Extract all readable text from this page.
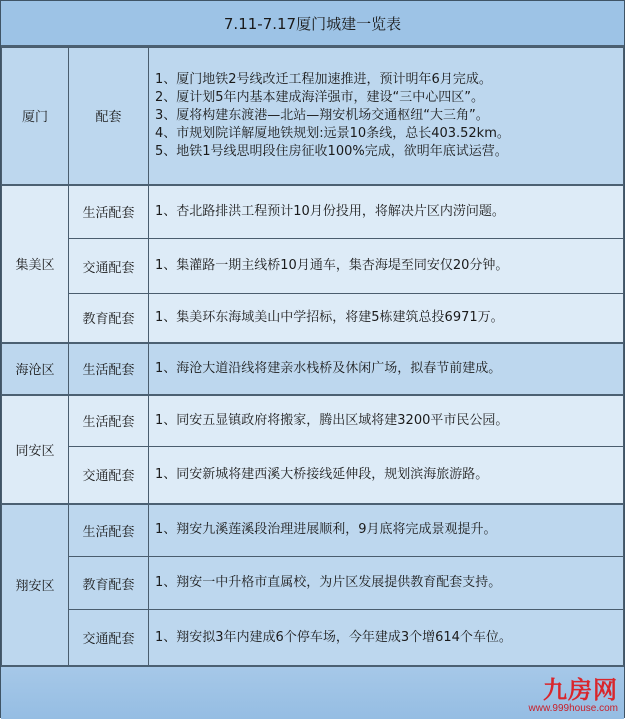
7.11-7.17厦门城建一览表
厦门	配套	1、厦门地铁2号线改迁工程加速推进，预计明年6月完成。
2、厦计划5年内基本建成海洋强市，建设“三中心四区”。
3、厦将构建东渡港—北站—翔安机场交通枢纽“大三角”。
4、市规划院详解厦地铁规划:远景10条线，总长403.52km。
5、地铁1号线思明段住房征收100%完成，欲明年底试运营。

集美区	生活配套	1、杏北路排洪工程预计10月份投用，将解决片区内涝问题。

	交通配套	1、集灌路一期主线桥10月通车，集杏海堤至同安仅20分钟。

	教育配套	1、集美环东海域美山中学招标，将建5栋建筑总投6971万。

海沧区	生活配套	1、海沧大道沿线将建亲水栈桥及休闲广场，拟春节前建成。

同安区	生活配套	1、同安五显镇政府将搬家，腾出区域将建3200平市民公园。

	交通配套	1、同安新城将建西溪大桥接线延伸段，规划滨海旅游路。

翔安区	生活配套	1、翔安九溪莲溪段治理进展顺利，9月底将完成景观提升。

	教育配套	1、翔安一中升格市直属校，为片区发展提供教育配套支持。

	交通配套	1、翔安拟3年内建成6个停车场，今年建成3个增614个车位。
九房网
www.999house.com
